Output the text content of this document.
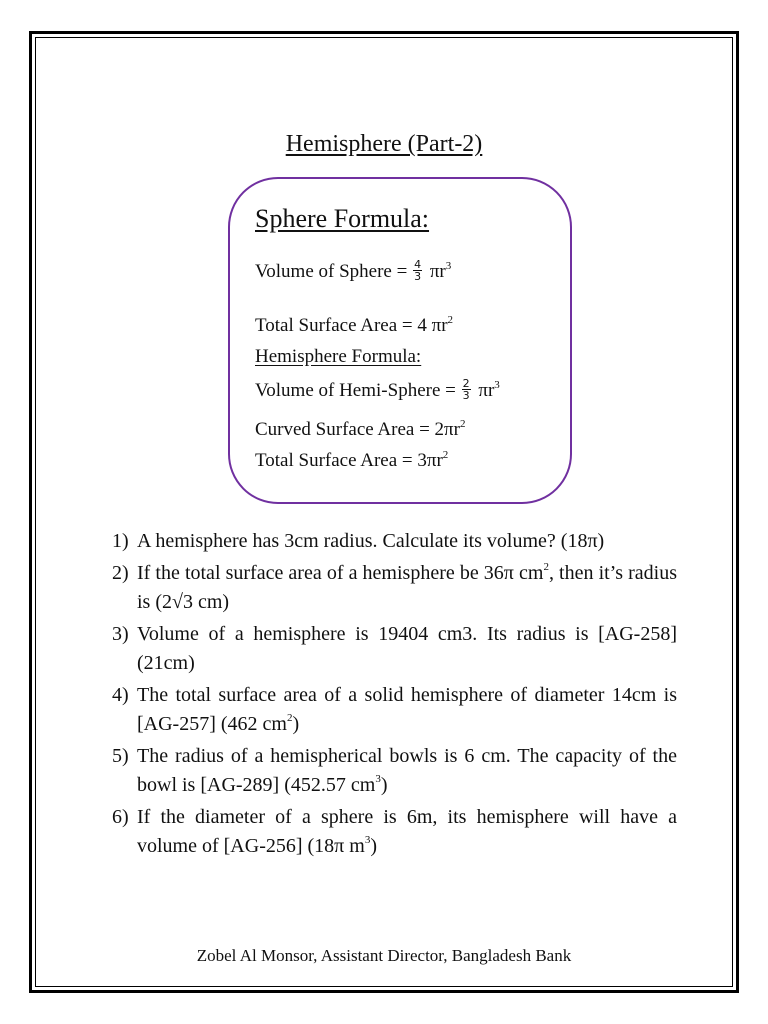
Hemisphere (Part-2)
Sphere Formula:
Volume of Sphere = $\frac{4}{3} \pi r^3$
Total Surface Area = 4 $\pi r^2$
Hemisphere Formula:
Volume of Hemi-Sphere = $\frac{2}{3} \pi r^3$
Curved Surface Area = $2\pi r^2$
Total Surface Area = $3\pi r^2$
1) A hemisphere has 3cm radius. Calculate its volume? (18π)
2) If the total surface area of a hemisphere be 36π $cm^2$, then it’s radius is (2√3 cm)
3) Volume of a hemisphere is 19404 cm3. Its radius is [AG-258] (21cm)
4) The total surface area of a solid hemisphere of diameter 14cm is [AG-257] (462 $cm^2$)
5) The radius of a hemispherical bowls is 6 cm. The capacity of the bowl is [AG-289] (452.57 $cm^3$)
6) If the diameter of a sphere is 6m, its hemisphere will have a volume of [AG-256] (18π $m^3$)
Zobel Al Monsor, Assistant Director, Bangladesh Bank
